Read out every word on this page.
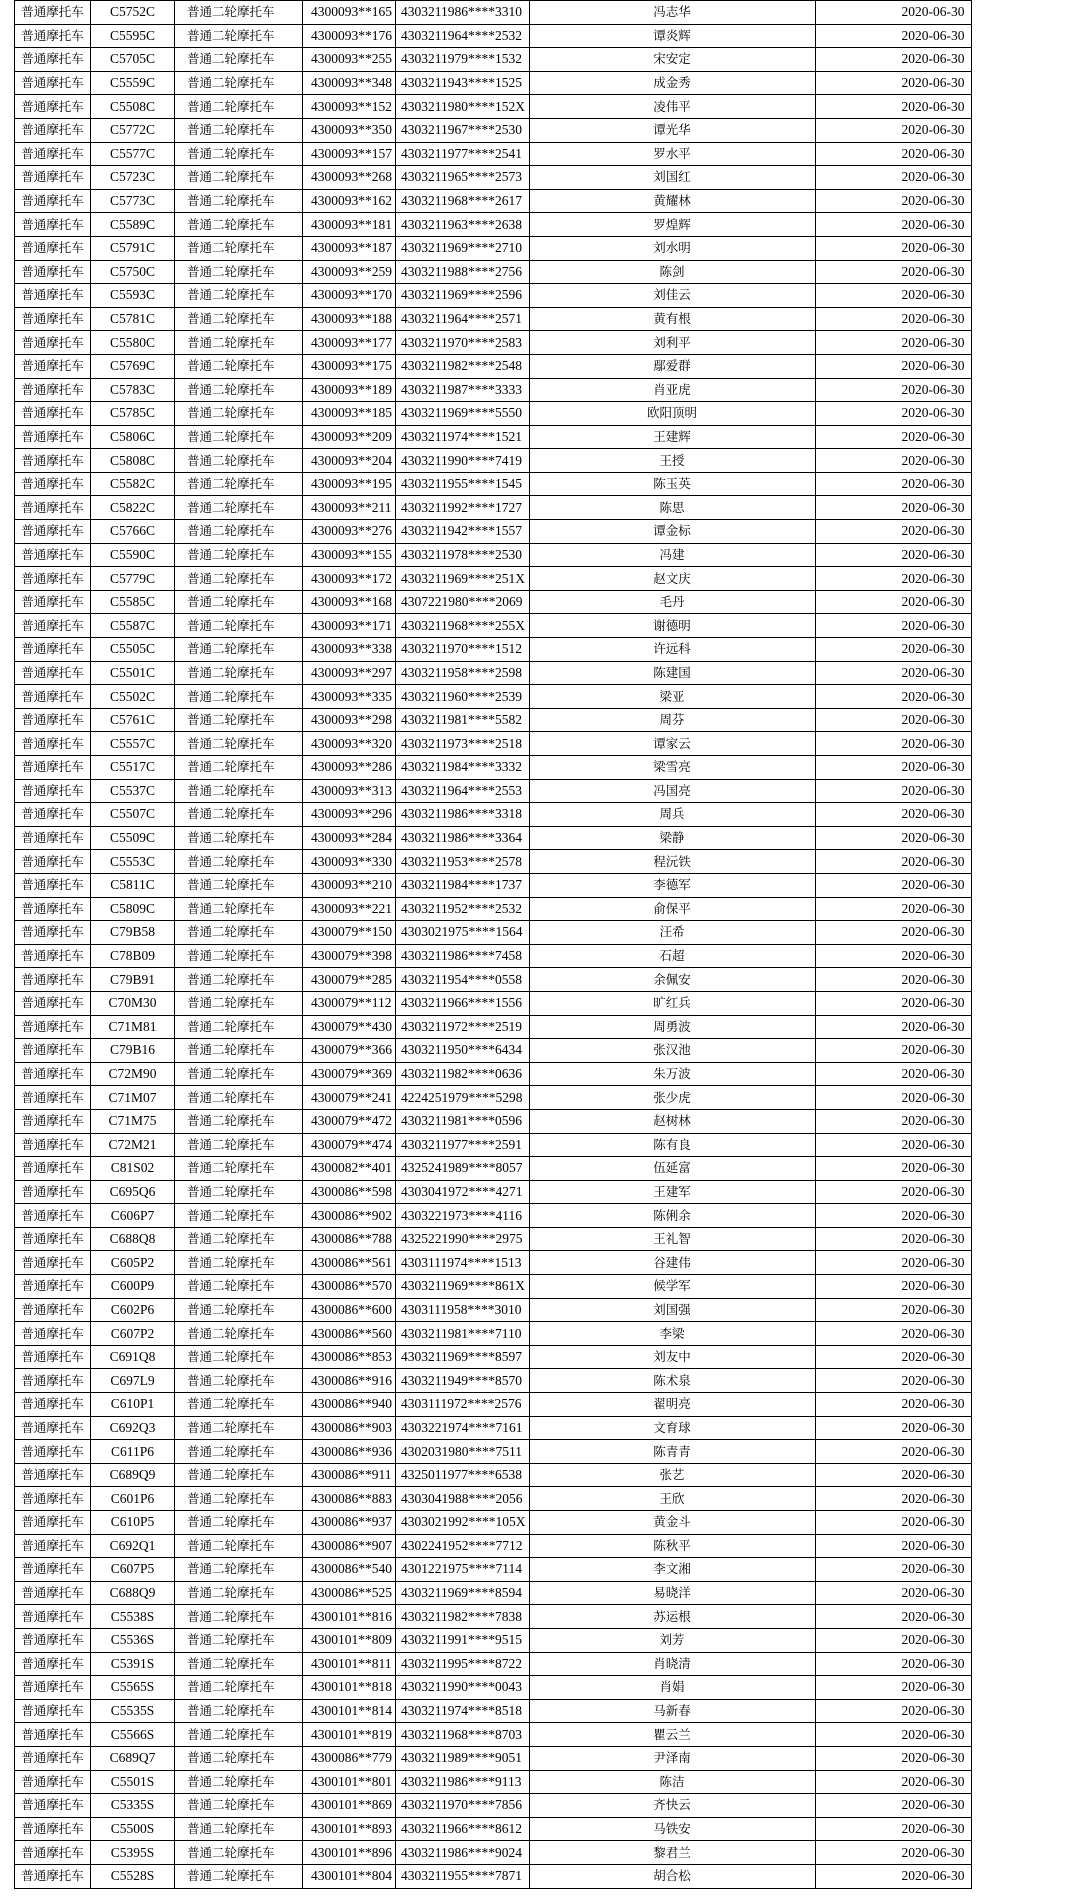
普通摩托车	C5752C	普通二轮摩托车	4300093**165	4303211986****3310	冯志华	2020-06-30
普通摩托车	C5595C	普通二轮摩托车	4300093**176	4303211964****2532	谭炎辉	2020-06-30
普通摩托车	C5705C	普通二轮摩托车	4300093**255	4303211979****1532	宋安定	2020-06-30
普通摩托车	C5559C	普通二轮摩托车	4300093**348	4303211943****1525	成金秀	2020-06-30
普通摩托车	C5508C	普通二轮摩托车	4300093**152	4303211980****152X	凌伟平	2020-06-30
普通摩托车	C5772C	普通二轮摩托车	4300093**350	4303211967****2530	谭光华	2020-06-30
普通摩托车	C5577C	普通二轮摩托车	4300093**157	4303211977****2541	罗水平	2020-06-30
普通摩托车	C5723C	普通二轮摩托车	4300093**268	4303211965****2573	刘国红	2020-06-30
普通摩托车	C5773C	普通二轮摩托车	4300093**162	4303211968****2617	黄耀林	2020-06-30
普通摩托车	C5589C	普通二轮摩托车	4300093**181	4303211963****2638	罗煌辉	2020-06-30
普通摩托车	C5791C	普通二轮摩托车	4300093**187	4303211969****2710	刘水明	2020-06-30
普通摩托车	C5750C	普通二轮摩托车	4300093**259	4303211988****2756	陈剑	2020-06-30
普通摩托车	C5593C	普通二轮摩托车	4300093**170	4303211969****2596	刘佳云	2020-06-30
普通摩托车	C5781C	普通二轮摩托车	4300093**188	4303211964****2571	黄有根	2020-06-30
普通摩托车	C5580C	普通二轮摩托车	4300093**177	4303211970****2583	刘利平	2020-06-30
普通摩托车	C5769C	普通二轮摩托车	4300093**175	4303211982****2548	鄢爱群	2020-06-30
普通摩托车	C5783C	普通二轮摩托车	4300093**189	4303211987****3333	肖亚虎	2020-06-30
普通摩托车	C5785C	普通二轮摩托车	4300093**185	4303211969****5550	欧阳顶明	2020-06-30
普通摩托车	C5806C	普通二轮摩托车	4300093**209	4303211974****1521	王建辉	2020-06-30
普通摩托车	C5808C	普通二轮摩托车	4300093**204	4303211990****7419	王授	2020-06-30
普通摩托车	C5582C	普通二轮摩托车	4300093**195	4303211955****1545	陈玉英	2020-06-30
普通摩托车	C5822C	普通二轮摩托车	4300093**211	4303211992****1727	陈思	2020-06-30
普通摩托车	C5766C	普通二轮摩托车	4300093**276	4303211942****1557	谭金标	2020-06-30
普通摩托车	C5590C	普通二轮摩托车	4300093**155	4303211978****2530	冯建	2020-06-30
普通摩托车	C5779C	普通二轮摩托车	4300093**172	4303211969****251X	赵文庆	2020-06-30
普通摩托车	C5585C	普通二轮摩托车	4300093**168	4307221980****2069	毛丹	2020-06-30
普通摩托车	C5587C	普通二轮摩托车	4300093**171	4303211968****255X	谢德明	2020-06-30
普通摩托车	C5505C	普通二轮摩托车	4300093**338	4303211970****1512	许远科	2020-06-30
普通摩托车	C5501C	普通二轮摩托车	4300093**297	4303211958****2598	陈建国	2020-06-30
普通摩托车	C5502C	普通二轮摩托车	4300093**335	4303211960****2539	梁亚	2020-06-30
普通摩托车	C5761C	普通二轮摩托车	4300093**298	4303211981****5582	周芬	2020-06-30
普通摩托车	C5557C	普通二轮摩托车	4300093**320	4303211973****2518	谭家云	2020-06-30
普通摩托车	C5517C	普通二轮摩托车	4300093**286	4303211984****3332	梁雪亮	2020-06-30
普通摩托车	C5537C	普通二轮摩托车	4300093**313	4303211964****2553	冯国亮	2020-06-30
普通摩托车	C5507C	普通二轮摩托车	4300093**296	4303211986****3318	周兵	2020-06-30
普通摩托车	C5509C	普通二轮摩托车	4300093**284	4303211986****3364	梁静	2020-06-30
普通摩托车	C5553C	普通二轮摩托车	4300093**330	4303211953****2578	程沅铁	2020-06-30
普通摩托车	C5811C	普通二轮摩托车	4300093**210	4303211984****1737	李德军	2020-06-30
普通摩托车	C5809C	普通二轮摩托车	4300093**221	4303211952****2532	俞保平	2020-06-30
普通摩托车	C79B58	普通二轮摩托车	4300079**150	4303021975****1564	汪希	2020-06-30
普通摩托车	C78B09	普通二轮摩托车	4300079**398	4303211986****7458	石超	2020-06-30
普通摩托车	C79B91	普通二轮摩托车	4300079**285	4303211954****0558	余佩安	2020-06-30
普通摩托车	C70M30	普通二轮摩托车	4300079**112	4303211966****1556	旷红兵	2020-06-30
普通摩托车	C71M81	普通二轮摩托车	4300079**430	4303211972****2519	周勇波	2020-06-30
普通摩托车	C79B16	普通二轮摩托车	4300079**366	4303211950****6434	张汉池	2020-06-30
普通摩托车	C72M90	普通二轮摩托车	4300079**369	4303211982****0636	朱万波	2020-06-30
普通摩托车	C71M07	普通二轮摩托车	4300079**241	4224251979****5298	张少虎	2020-06-30
普通摩托车	C71M75	普通二轮摩托车	4300079**472	4303211981****0596	赵树林	2020-06-30
普通摩托车	C72M21	普通二轮摩托车	4300079**474	4303211977****2591	陈有良	2020-06-30
普通摩托车	C81S02	普通二轮摩托车	4300082**401	4325241989****8057	伍延富	2020-06-30
普通摩托车	C695Q6	普通二轮摩托车	4300086**598	4303041972****4271	王建军	2020-06-30
普通摩托车	C606P7	普通二轮摩托车	4300086**902	4303221973****4116	陈俐余	2020-06-30
普通摩托车	C688Q8	普通二轮摩托车	4300086**788	4325221990****2975	王礼智	2020-06-30
普通摩托车	C605P2	普通二轮摩托车	4300086**561	4303111974****1513	谷建伟	2020-06-30
普通摩托车	C600P9	普通二轮摩托车	4300086**570	4303211969****861X	候学军	2020-06-30
普通摩托车	C602P6	普通二轮摩托车	4300086**600	4303111958****3010	刘国强	2020-06-30
普通摩托车	C607P2	普通二轮摩托车	4300086**560	4303211981****7110	李梁	2020-06-30
普通摩托车	C691Q8	普通二轮摩托车	4300086**853	4303211969****8597	刘友中	2020-06-30
普通摩托车	C697L9	普通二轮摩托车	4300086**916	4303211949****8570	陈术泉	2020-06-30
普通摩托车	C610P1	普通二轮摩托车	4300086**940	4303111972****2576	翟明亮	2020-06-30
普通摩托车	C692Q3	普通二轮摩托车	4300086**903	4303221974****7161	文育球	2020-06-30
普通摩托车	C611P6	普通二轮摩托车	4300086**936	4302031980****7511	陈青青	2020-06-30
普通摩托车	C689Q9	普通二轮摩托车	4300086**911	4325011977****6538	张艺	2020-06-30
普通摩托车	C601P6	普通二轮摩托车	4300086**883	4303041988****2056	王欣	2020-06-30
普通摩托车	C610P5	普通二轮摩托车	4300086**937	4303021992****105X	黄金斗	2020-06-30
普通摩托车	C692Q1	普通二轮摩托车	4300086**907	4302241952****7712	陈秋平	2020-06-30
普通摩托车	C607P5	普通二轮摩托车	4300086**540	4301221975****7114	李文湘	2020-06-30
普通摩托车	C688Q9	普通二轮摩托车	4300086**525	4303211969****8594	易晓洋	2020-06-30
普通摩托车	C5538S	普通二轮摩托车	4300101**816	4303211982****7838	苏运根	2020-06-30
普通摩托车	C5536S	普通二轮摩托车	4300101**809	4303211991****9515	刘芳	2020-06-30
普通摩托车	C5391S	普通二轮摩托车	4300101**811	4303211995****8722	肖晓清	2020-06-30
普通摩托车	C5565S	普通二轮摩托车	4300101**818	4303211990****0043	肖娟	2020-06-30
普通摩托车	C5535S	普通二轮摩托车	4300101**814	4303211974****8518	马新春	2020-06-30
普通摩托车	C5566S	普通二轮摩托车	4300101**819	4303211968****8703	瞿云兰	2020-06-30
普通摩托车	C689Q7	普通二轮摩托车	4300086**779	4303211989****9051	尹泽南	2020-06-30
普通摩托车	C5501S	普通二轮摩托车	4300101**801	4303211986****9113	陈洁	2020-06-30
普通摩托车	C5335S	普通二轮摩托车	4300101**869	4303211970****7856	齐快云	2020-06-30
普通摩托车	C5500S	普通二轮摩托车	4300101**893	4303211966****8612	马铁安	2020-06-30
普通摩托车	C5395S	普通二轮摩托车	4300101**896	4303211986****9024	黎君兰	2020-06-30
普通摩托车	C5528S	普通二轮摩托车	4300101**804	4303211955****7871	胡合松	2020-06-30
